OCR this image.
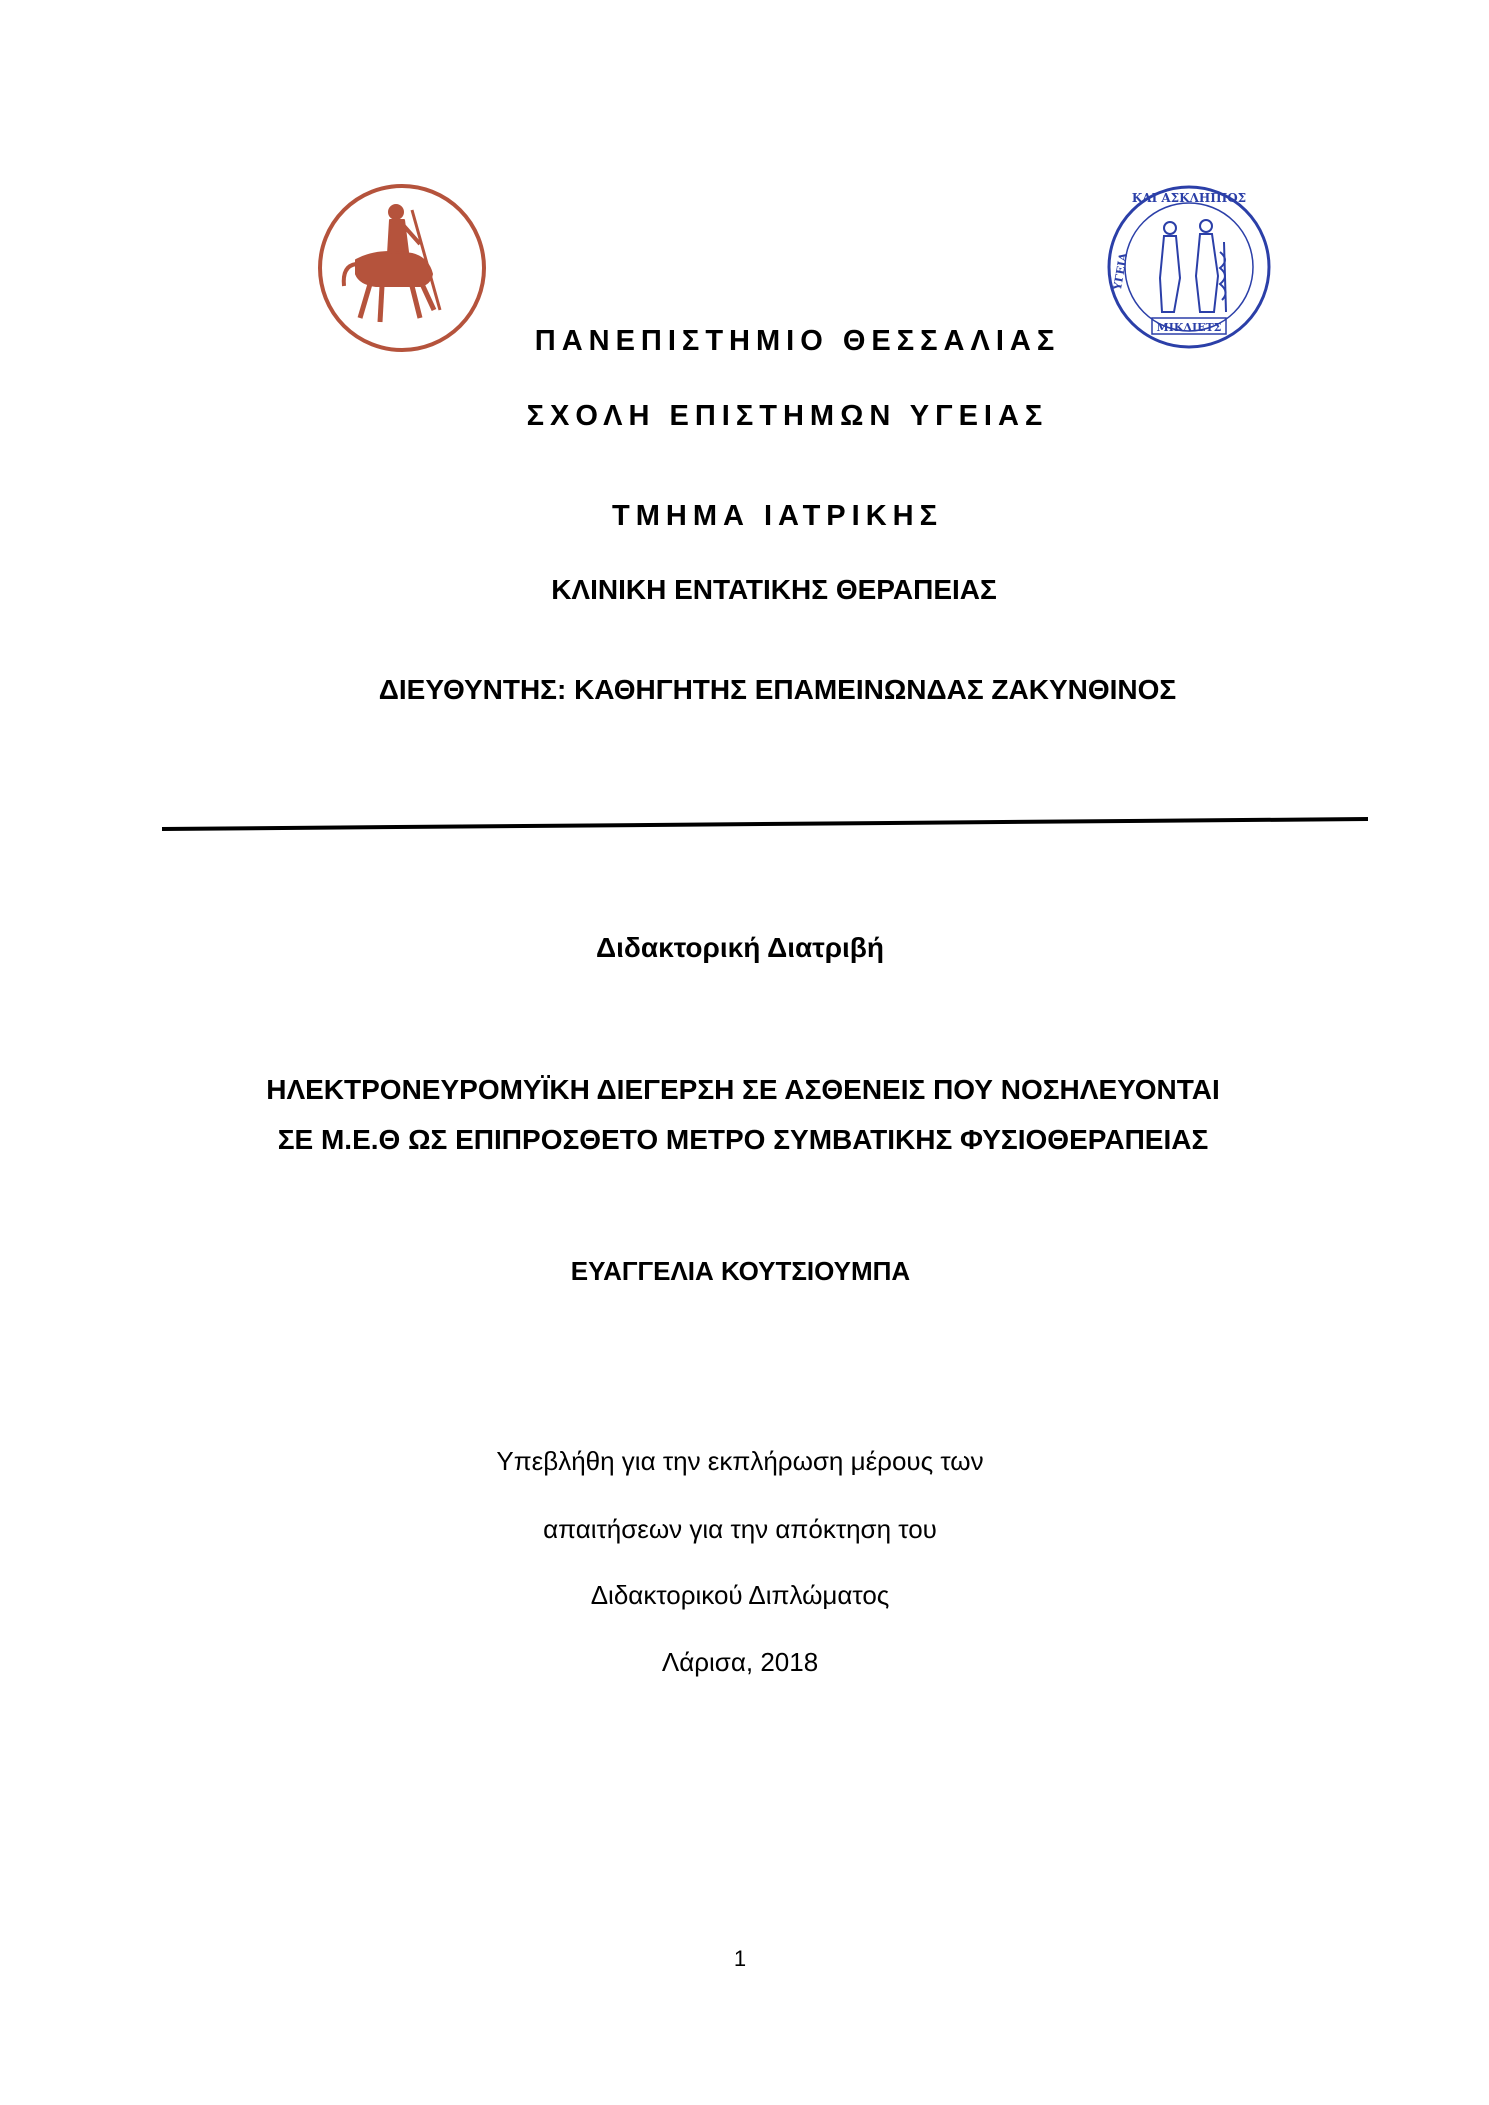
ΚΑΙ ΑΣΚΛΗΠΙΟΣ
ΥΓΕΙΑ
ΜΙΚΛΙΕΤΣ
ΠΑΝΕΠΙΣΤΗΜΙΟ ΘΕΣΣΑΛΙΑΣ
ΣΧΟΛΗ ΕΠΙΣΤΗΜΩΝ ΥΓΕΙΑΣ
ΤΜΗΜΑ ΙΑΤΡΙΚΗΣ
ΚΛΙΝΙΚΗ ΕΝΤΑΤΙΚΗΣ ΘΕΡΑΠΕΙΑΣ
ΔΙΕΥΘΥΝΤΗΣ: ΚΑΘΗΓΗΤΗΣ ΕΠΑΜΕΙΝΩΝΔΑΣ ΖΑΚΥΝΘΙΝΟΣ
Διδακτορική Διατριβή
ΗΛΕΚΤΡΟΝΕΥΡΟΜΥΪΚΗ ΔΙΕΓΕΡΣΗ ΣΕ ΑΣΘΕΝΕΙΣ ΠΟΥ ΝΟΣΗΛΕΥΟΝΤΑΙ
ΣΕ Μ.Ε.Θ ΩΣ ΕΠΙΠΡΟΣΘΕΤΟ ΜΕΤΡΟ ΣΥΜΒΑΤΙΚΗΣ ΦΥΣΙΟΘΕΡΑΠΕΙΑΣ
ΕΥΑΓΓΕΛΙΑ ΚΟΥΤΣΙΟΥΜΠΑ
Υπεβλήθη για την εκπλήρωση μέρους των
απαιτήσεων για την απόκτηση του
Διδακτορικού Διπλώματος
Λάρισα, 2018
1
